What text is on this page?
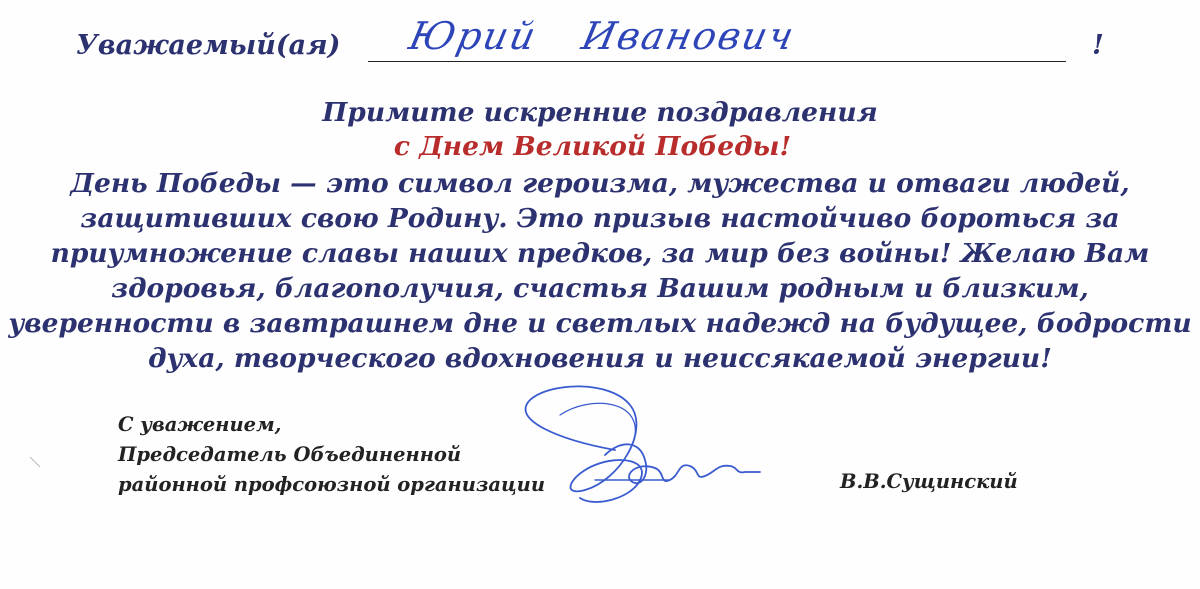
Уважаемый(ая) Юрий Иванович	!
Примите искренние поздравления
с Днем Великой Победы!
День Победы — это символ героизма, мужества и отваги людей,
защитивших свою Родину. Это призыв настойчиво бороться за
приумножение славы наших предков, за мир без войны! Желаю Вам
здоровья, благополучия, счастья Вашим родным и близким,
уверенности в завтрашнем дне и светлых надежд на будущее, бодрости
духа, творческого вдохновения и неиссякаемой энергии!
С уважением,
Председатель Объединенной
районной профсоюзной организации	В.В.Сущинский
